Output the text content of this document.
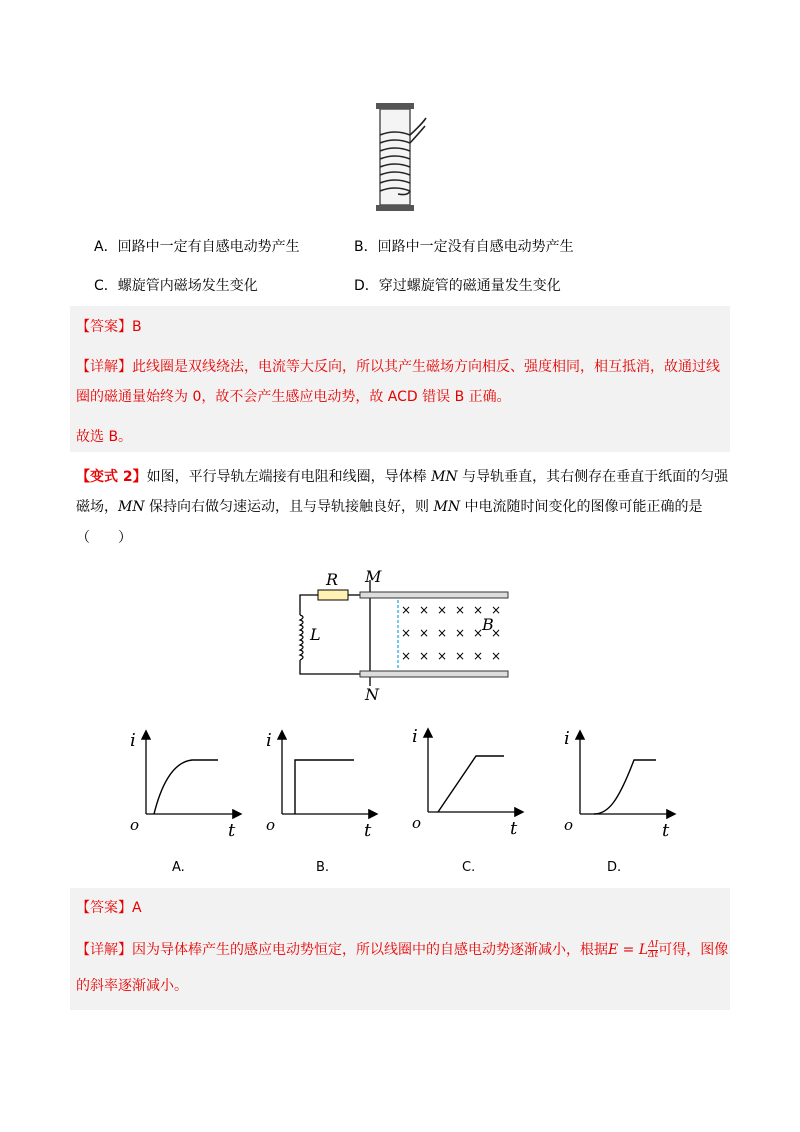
A．回路中一定有自感电动势产生	B．回路中一定没有自感电动势产生
C．螺旋管内磁场发生变化	D．穿过螺旋管的磁通量发生变化
【答案】B
【详解】此线圈是双线绕法，电流等大反向，所以其产生磁场方向相反、强度相同，相互抵消，故通过线
圈的磁通量始终为 0，故不会产生感应电动势，故 ACD 错误 B 正确。
故选 B。
【变式 2】如图，平行导轨左端接有电阻和线圈，导体棒 MN 与导轨垂直，其右侧存在垂直于纸面的匀强
磁场，MN 保持向右做匀速运动，且与导轨接触良好，则 MN 中电流随时间变化的图像可能正确的是
（　　）
× × × × × ×
× × × × × ×
× × × × × ×
R
L
M
N
B
i
t
o
i
t
o
i
t
o
i
t
o
A.	B.	C.	D.
【答案】A
【详解】因为导体棒产生的感应电动势恒定，所以线圈中的自感电动势逐渐减小，根据E = L $\frac{\Delta I}{\Delta t}$ 可得，图像
的斜率逐渐减小。
